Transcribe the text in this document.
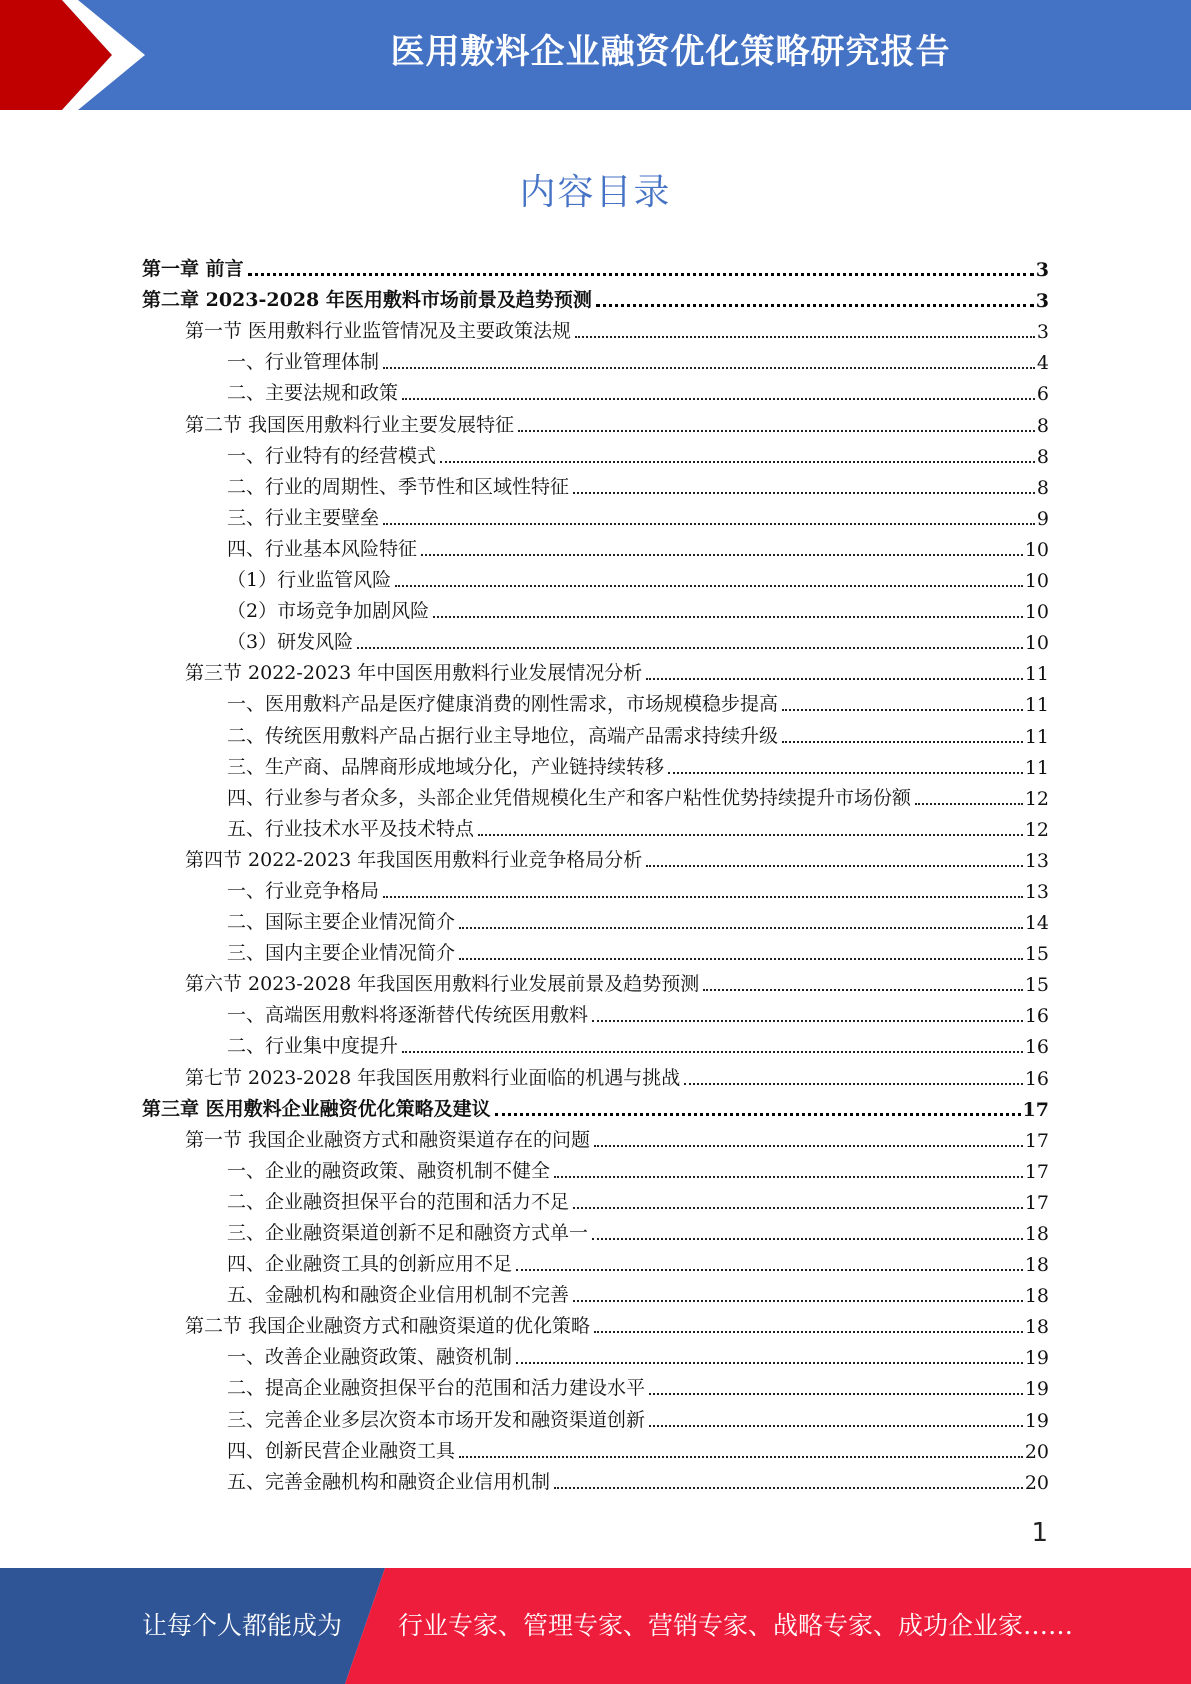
医用敷料企业融资优化策略研究报告
内容目录
第一章 前言	3
第二章 2023-2028 年医用敷料市场前景及趋势预测	3
第一节 医用敷料行业监管情况及主要政策法规	3
一、行业管理体制	4
二、主要法规和政策	6
第二节 我国医用敷料行业主要发展特征	8
一、行业特有的经营模式	8
二、行业的周期性、季节性和区域性特征	8
三、行业主要壁垒	9
四、行业基本风险特征	10
（1）行业监管风险	10
（2）市场竞争加剧风险	10
（3）研发风险	10
第三节 2022-2023 年中国医用敷料行业发展情况分析	11
一、医用敷料产品是医疗健康消费的刚性需求，市场规模稳步提高	11
二、传统医用敷料产品占据行业主导地位，高端产品需求持续升级	11
三、生产商、品牌商形成地域分化，产业链持续转移	11
四、行业参与者众多，头部企业凭借规模化生产和客户粘性优势持续提升市场份额	12
五、行业技术水平及技术特点	12
第四节 2022-2023 年我国医用敷料行业竞争格局分析	13
一、行业竞争格局	13
二、国际主要企业情况简介	14
三、国内主要企业情况简介	15
第六节 2023-2028 年我国医用敷料行业发展前景及趋势预测	15
一、高端医用敷料将逐渐替代传统医用敷料	16
二、行业集中度提升	16
第七节 2023-2028 年我国医用敷料行业面临的机遇与挑战	16
第三章 医用敷料企业融资优化策略及建议	17
第一节 我国企业融资方式和融资渠道存在的问题	17
一、企业的融资政策、融资机制不健全	17
二、企业融资担保平台的范围和活力不足	17
三、企业融资渠道创新不足和融资方式单一	18
四、企业融资工具的创新应用不足	18
五、金融机构和融资企业信用机制不完善	18
第二节 我国企业融资方式和融资渠道的优化策略	18
一、改善企业融资政策、融资机制	19
二、提高企业融资担保平台的范围和活力建设水平	19
三、完善企业多层次资本市场开发和融资渠道创新	19
四、创新民营企业融资工具	20
五、完善金融机构和融资企业信用机制	20
1
让每个人都能成为 行业专家、管理专家、营销专家、战略专家、成功企业家……
